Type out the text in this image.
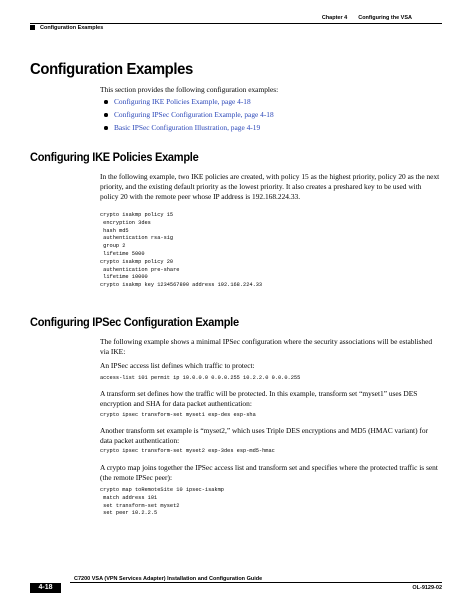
Chapter 4 Configuring the VSA
Configuration Examples
Configuration Examples

This section provides the following configuration examples:

Configuring IKE Policies Example, page 4-18
Configuring IPSec Configuration Example, page 4-18
Basic IPSec Configuration Illustration, page 4-19
Configuring IKE Policies Example

In the following example, two IKE policies are created, with policy 15 as the highest priority, policy 20 as the next priority, and the existing default priority as the lowest priority. It also creates a preshared key to be used with policy 20 with the remote peer whose IP address is 192.168.224.33.

crypto isakmp policy 15
encryption 3des
hash md5
authentication rsa-sig
group 2
lifetime 5000
crypto isakmp policy 20
authentication pre-share
lifetime 10000
crypto isakmp key 1234567890 address 192.168.224.33
Configuring IPSec Configuration Example

The following example shows a minimal IPSec configuration where the security associations will be established via IKE:

An IPSec access list defines which traffic to protect:

access-list 101 permit ip 10.0.0.0 0.0.0.255 10.2.2.0 0.0.0.255

A transform set defines how the traffic will be protected. In this example, transform set “myset1” uses DES encryption and SHA for data packet authentication:

crypto ipsec transform-set myset1 esp-des esp-sha

Another transform set example is “myset2,” which uses Triple DES encryptions and MD5 (HMAC variant) for data packet authentication:

crypto ipsec transform-set myset2 esp-3des esp-md5-hmac

A crypto map joins together the IPSec access list and transform set and specifies where the protected traffic is sent (the remote IPSec peer):

crypto map toRemoteSite 10 ipsec-isakmp
match address 101
set transform-set myset2
set peer 10.2.2.5
C7200 VSA (VPN Services Adapter) Installation and Configuration Guide
4-18	OL-9129-02
